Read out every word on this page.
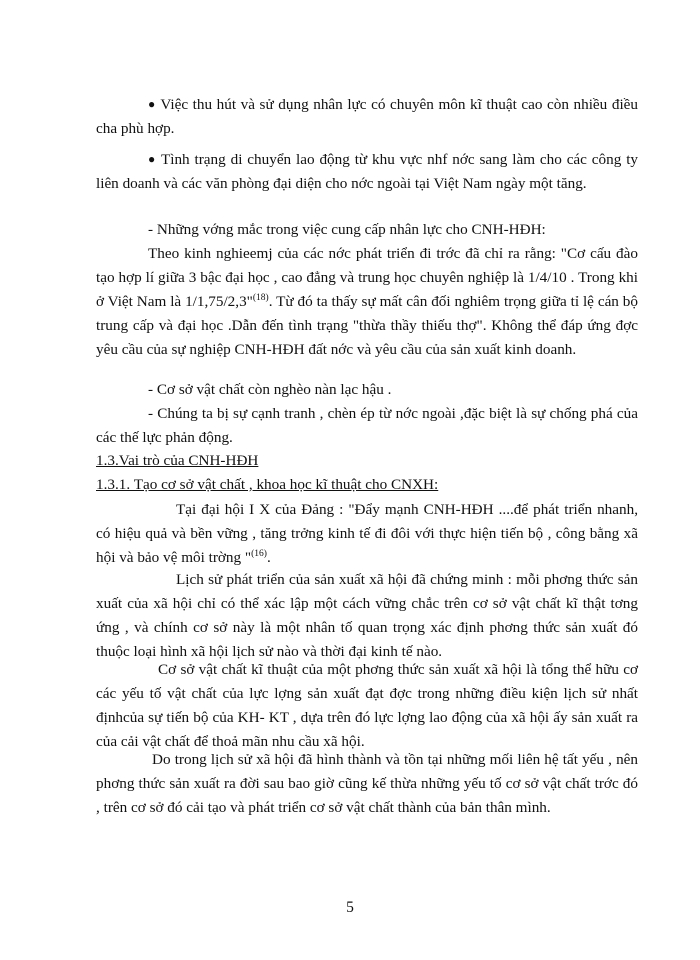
● Việc thu hút và sử dụng nhân lực có chuyên môn kĩ thuật cao còn nhiều điều cha phù hợp.

● Tình trạng di chuyển lao động từ khu vực nhf nớc sang làm cho các công ty liên doanh và các văn phòng đại diện cho nớc ngoài tại Việt Nam ngày một tăng.

- Những vớng mắc trong việc cung cấp nhân lực cho CNH-HĐH:

Theo kinh nghieemj của các nớc phát triển đi trớc đã chỉ ra rằng: "Cơ cấu đào tạo hợp lí giữa 3 bậc đại học , cao đẳng và trung học chuyên nghiệp là 1/4/10 . Trong khi ở Việt Nam là 1/1,75/2,3"$^{(18)}$. Từ đó ta thấy sự mất cân đối nghiêm trọng giữa tỉ lệ cán bộ trung cấp và đại học .Dẫn đến tình trạng "thừa thầy thiếu thợ". Không thể đáp ứng đợc yêu cầu của sự nghiệp CNH-HĐH đất nớc và yêu cầu của sản xuất kinh doanh.

- Cơ sở vật chất còn nghèo nàn lạc hậu .

- Chúng ta bị sự cạnh tranh , chèn ép từ nớc ngoài ,đặc biệt là sự chống phá của các thế lực phản động.

1.3.Vai trò của CNH-HĐH

1.3.1. Tạo cơ sở vật chất , khoa học kĩ thuật cho CNXH:

Tại đại hội I X của Đảng : "Đẩy mạnh CNH-HĐH ....để phát triển nhanh, có hiệu quả và bền vững , tăng trởng kinh tế đi đôi với thực hiện tiến bộ , công bằng xã hội và bảo vệ môi trờng "$^{(16)}$.

Lịch sử phát triển của sản xuất xã hội đã chứng minh : mỗi phơng thức sản xuất của xã hội chỉ có thể xác lập một cách vững chắc trên cơ sở vật chất kĩ thật tơng ứng , và chính cơ sở này là một nhân tố quan trọng xác định phơng thức sản xuất đó thuộc loại hình xã hội lịch sử nào và thời đại kinh tế nào.

Cơ sở vật chất kĩ thuật của một phơng thức sản xuất xã hội là tổng thể hữu cơ các yếu tố vật chất của lực lợng sản xuất đạt đợc trong những điều kiện lịch sử nhất địnhcủa sự tiến bộ của KH- KT , dựa trên đó lực lợng lao động của xã hội ấy sản xuất ra của cải vật chất để thoả mãn nhu cầu xã hội.

Do trong lịch sử xã hội đã hình thành và tồn tại những mối liên hệ tất yếu , nên phơng thức sản xuất ra đời sau bao giờ cũng kế thừa những yếu tố cơ sở vật chất trớc đó , trên cơ sở đó cải tạo và phát triển cơ sở vật chất thành của bản thân mình.

5
